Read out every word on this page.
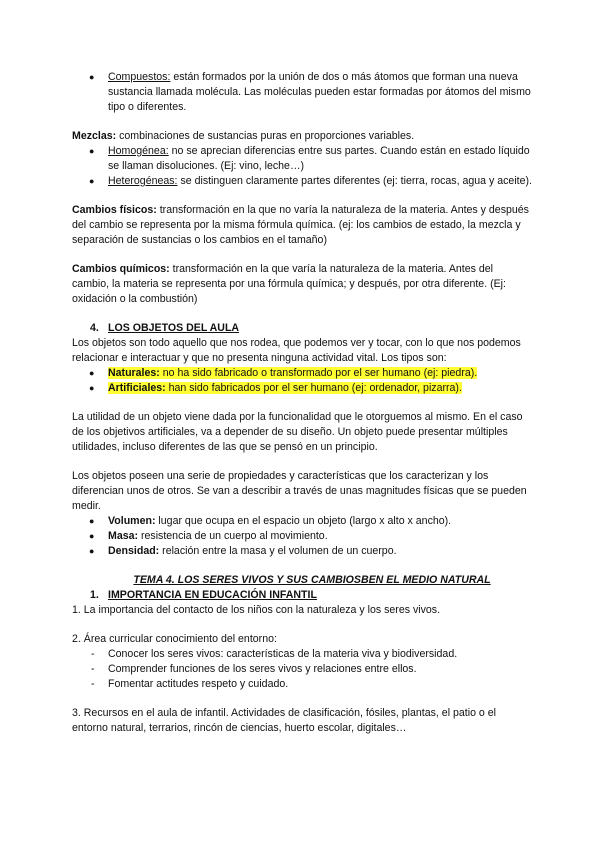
● Compuestos: están formados por la unión de dos o más átomos que forman una nueva sustancia llamada molécula. Las moléculas pueden estar formadas por átomos del mismo tipo o diferentes.

Mezclas: combinaciones de sustancias puras en proporciones variables.

● Homogénea: no se aprecian diferencias entre sus partes. Cuando están en estado líquido se llaman disoluciones. (Ej: vino, leche…)
● Heterogéneas: se distinguen claramente partes diferentes (ej: tierra, rocas, agua y aceite).

Cambios físicos: transformación en la que no varía la naturaleza de la materia. Antes y después del cambio se representa por la misma fórmula química. (ej: los cambios de estado, la mezcla y separación de sustancias o los cambios en el tamaño)

Cambios químicos: transformación en la que varía la naturaleza de la materia. Antes del cambio, la materia se representa por una fórmula química; y después, por otra diferente. (Ej: oxidación o la combustión)

4. LOS OBJETOS DEL AULA

Los objetos son todo aquello que nos rodea, que podemos ver y tocar, con lo que nos podemos relacionar e interactuar y que no presenta ninguna actividad vital. Los tipos son:

● Naturales: no ha sido fabricado o transformado por el ser humano (ej: piedra).
● Artificiales: han sido fabricados por el ser humano (ej: ordenador, pizarra).

La utilidad de un objeto viene dada por la funcionalidad que le otorguemos al mismo. En el caso de los objetivos artificiales, va a depender de su diseño. Un objeto puede presentar múltiples utilidades, incluso diferentes de las que se pensó en un principio.

Los objetos poseen una serie de propiedades y características que los caracterizan y los diferencian unos de otros. Se van a describir a través de unas magnitudes físicas que se pueden medir.

● Volumen: lugar que ocupa en el espacio un objeto (largo x alto x ancho).
● Masa: resistencia de un cuerpo al movimiento.
● Densidad: relación entre la masa y el volumen de un cuerpo.

TEMA 4. LOS SERES VIVOS Y SUS CAMBIOSBEN EL MEDIO NATURAL

1. IMPORTANCIA EN EDUCACIÓN INFANTIL

1. La importancia del contacto de los niños con la naturaleza y los seres vivos.

2. Área curricular conocimiento del entorno:

- Conocer los seres vivos: características de la materia viva y biodiversidad.
- Comprender funciones de los seres vivos y relaciones entre ellos.
- Fomentar actitudes respeto y cuidado.

3. Recursos en el aula de infantil. Actividades de clasificación, fósiles, plantas, el patio o el entorno natural, terrarios, rincón de ciencias, huerto escolar, digitales…
